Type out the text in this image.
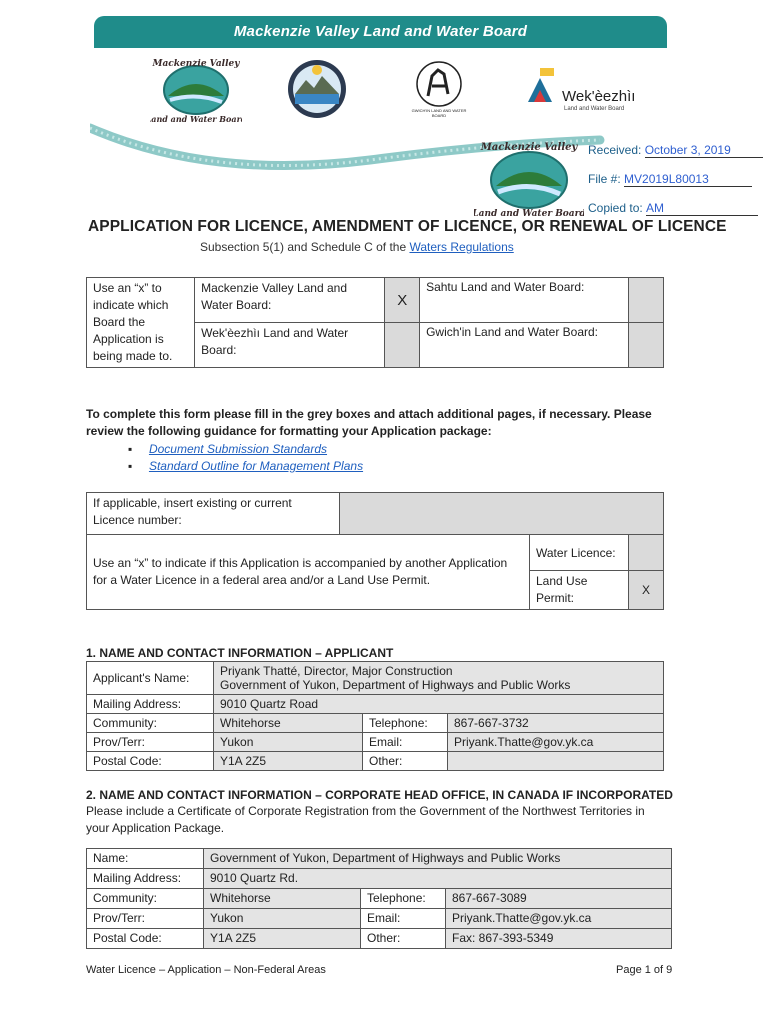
Mackenzie Valley Land and Water Board
Mackenzie Valley
Land and Water Board
GWICH'IN LAND AND WATER BOARD
Wek'èezhìı
Land and Water Board
Mackenzie Valley
Land and Water Board
Received: October 3, 2019
File #: MV2019L80013
Copied to: AM
APPLICATION FOR LICENCE, AMENDMENT OF LICENCE, OR RENEWAL OF LICENCE
Subsection 5(1) and Schedule C of the Waters Regulations
Use an “x” to indicate which Board the Application is being made to.	Mackenzie Valley Land and Water Board:	X	Sahtu Land and Water Board:	
	Wek'èezhìı Land and Water Board:		Gwich'in Land and Water Board:	
To complete this form please fill in the grey boxes and attach additional pages, if necessary. Please review the following guidance for formatting your Application package:
▪     Document Submission Standards
▪     Standard Outline for Management Plans
If applicable, insert existing or current Licence number:			
Use an “x” to indicate if this Application is accompanied by another Application for a Water Licence in a federal area and/or a Land Use Permit.		Water Licence:	
		Land Use Permit:	X
1. NAME AND CONTACT INFORMATION – APPLICANT
Applicant's Name:	Priyank Thatté, Director, Major Construction
Government of Yukon, Department of Highways and Public Works		

Mailing Address:	9010 Quartz Road		
Community:	Whitehorse	Telephone:	867-667-3732
Prov/Terr:	Yukon	Email:	Priyank.Thatte@gov.yk.ca
Postal Code:	Y1A 2Z5	Other:	
2. NAME AND CONTACT INFORMATION – CORPORATE HEAD OFFICE, IN CANADA IF INCORPORATED
Please include a Certificate of Corporate Registration from the Government of the Northwest Territories in your Application Package.
Name:	Government of Yukon, Department of Highways and Public Works		
Mailing Address:	9010 Quartz Rd.		
Community:	Whitehorse	Telephone:	867-667-3089
Prov/Terr:	Yukon	Email:	Priyank.Thatte@gov.yk.ca
Postal Code:	Y1A 2Z5	Other:	Fax: 867-393-5349
Water Licence – Application – Non-Federal Areas	Page 1 of 9
